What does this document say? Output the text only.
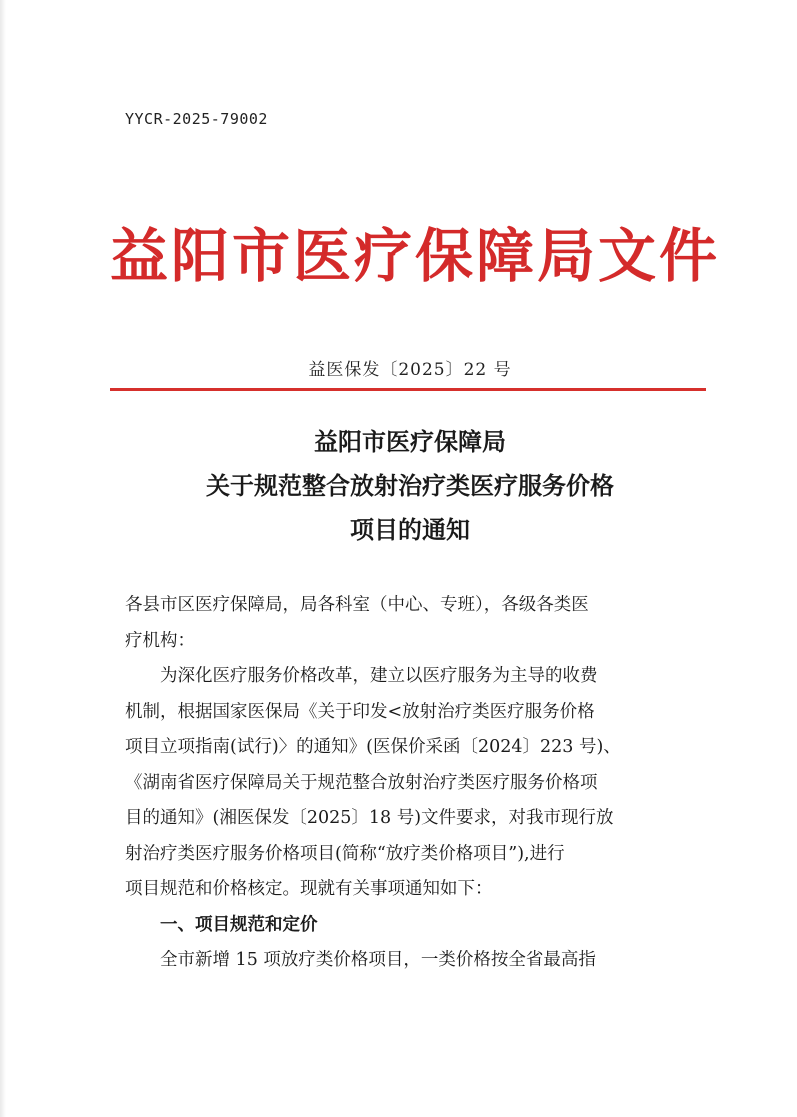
YYCR-2025-79002
益阳市医疗保障局文件
益医保发〔2025〕22 号
益阳市医疗保障局
关于规范整合放射治疗类医疗服务价格
项目的通知

各县市区医疗保障局，局各科室（中心、专班），各级各类医

疗机构：

为深化医疗服务价格改革，建立以医疗服务为主导的收费

机制，根据国家医保局《关于印发<放射治疗类医疗服务价格

项目立项指南(试行)〉的通知》(医保价采函〔2024〕223 号)、

《湖南省医疗保障局关于规范整合放射治疗类医疗服务价格项

目的通知》(湘医保发〔2025〕18 号)文件要求，对我市现行放

射治疗类医疗服务价格项目(简称“放疗类价格项目”),进行

项目规范和价格核定。现就有关事项通知如下：

一、项目规范和定价

全市新增 15 项放疗类价格项目，一类价格按全省最高指
